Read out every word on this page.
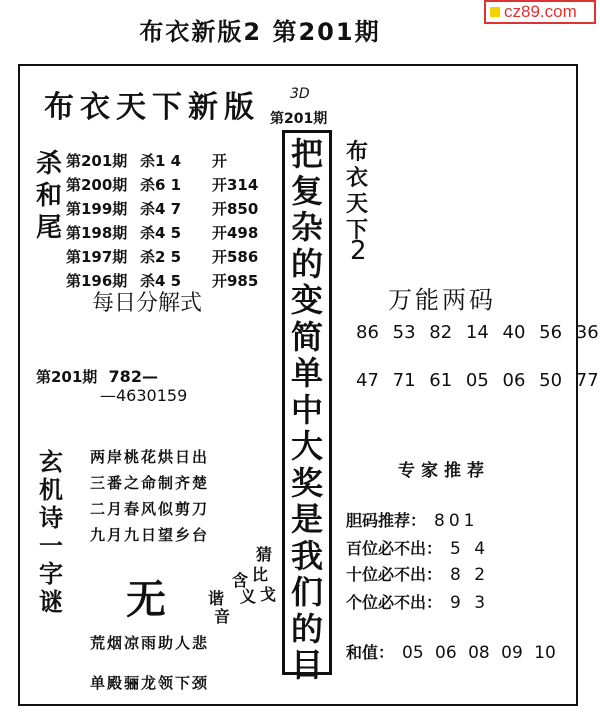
布衣新版2 第201期
cz89.com
布衣天下新版 3D
第201期
杀
和
尾
第201期 杀1 4	开
第200期 杀6 1	开314
第199期 杀4 7	开850
第198期 杀4 5	开498
第197期 杀2 5	开586
第196期 杀4 5	开985
每日分解式
第201期 782—
—4630159
玄
机
诗
一
字
谜
两岸桃花烘日出
三番之命制齐楚
二月春风似剪刀
九月九日望乡台
无
猜
比
含
义
谐 戈
音
荒烟凉雨助人悲
单殿骊龙领下颈
把
复
杂
的
变
简
单
中
大
奖
是
我
们
的
目
布
衣
天
下
2
万能两码
86 53 82 14 40 56 36
47 71 61 05 06 50 77
专家推荐
胆码推荐： 801
百位必不出： 5 4
十位必不出： 8 2
个位必不出： 9 3
和值： 05 06 08 09 10
